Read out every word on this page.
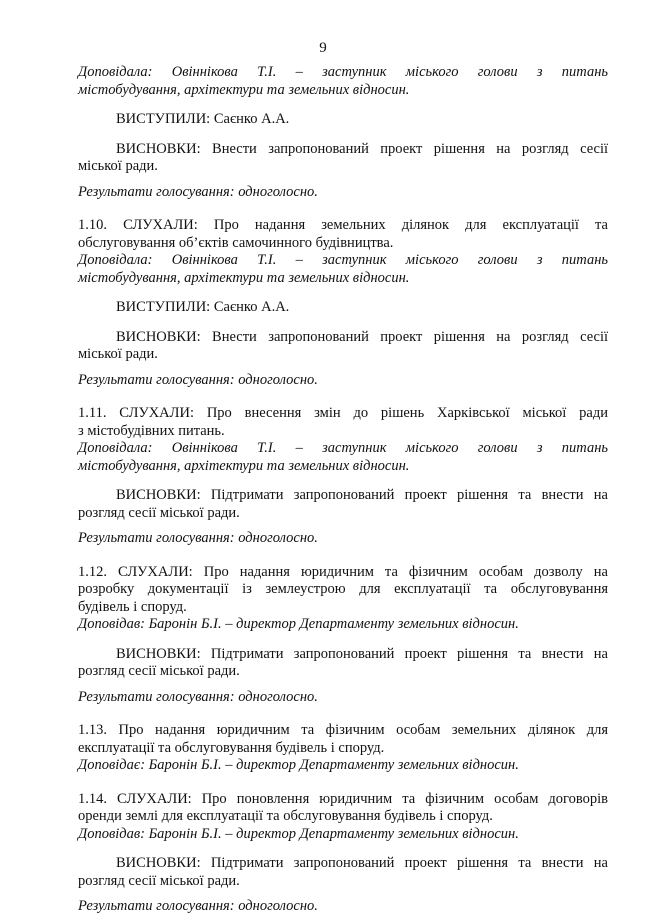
9
Доповідала: Овіннікова Т.І. – заступник міського голови з питань
містобудування, архітектури та земельних відносин.
ВИСТУПИЛИ: Саєнко А.А.
ВИСНОВКИ: Внести запропонований проект рішення на розгляд сесії
міської ради.
Результати голосування: одноголосно.
1.10. СЛУХАЛИ: Про надання земельних ділянок для експлуатації та
обслуговування об’єктів самочинного будівництва.
Доповідала: Овіннікова Т.І. – заступник міського голови з питань
містобудування, архітектури та земельних відносин.
ВИСТУПИЛИ: Саєнко А.А.
ВИСНОВКИ: Внести запропонований проект рішення на розгляд сесії
міської ради.
Результати голосування: одноголосно.
1.11. СЛУХАЛИ: Про внесення змін до рішень Харківської міської ради
з містобудівних питань.
Доповідала: Овіннікова Т.І. – заступник міського голови з питань
містобудування, архітектури та земельних відносин.
ВИСНОВКИ: Підтримати запропонований проект рішення та внести на
розгляд сесії міської ради.
Результати голосування: одноголосно.
1.12. СЛУХАЛИ: Про надання юридичним та фізичним особам дозволу на
розробку документації із землеустрою для експлуатації та обслуговування
будівель і споруд.
Доповідав: Баронін Б.І. – директор Департаменту земельних відносин.
ВИСНОВКИ: Підтримати запропонований проект рішення та внести на
розгляд сесії міської ради.
Результати голосування: одноголосно.
1.13. Про надання юридичним та фізичним особам земельних ділянок для
експлуатації та обслуговування будівель і споруд.
Доповідає: Баронін Б.І. – директор Департаменту земельних відносин.
1.14. СЛУХАЛИ: Про поновлення юридичним та фізичним особам договорів
оренди землі для експлуатації та обслуговування будівель і споруд.
Доповідав: Баронін Б.І. – директор Департаменту земельних відносин.
ВИСНОВКИ: Підтримати запропонований проект рішення та внести на
розгляд сесії міської ради.
Результати голосування: одноголосно.
